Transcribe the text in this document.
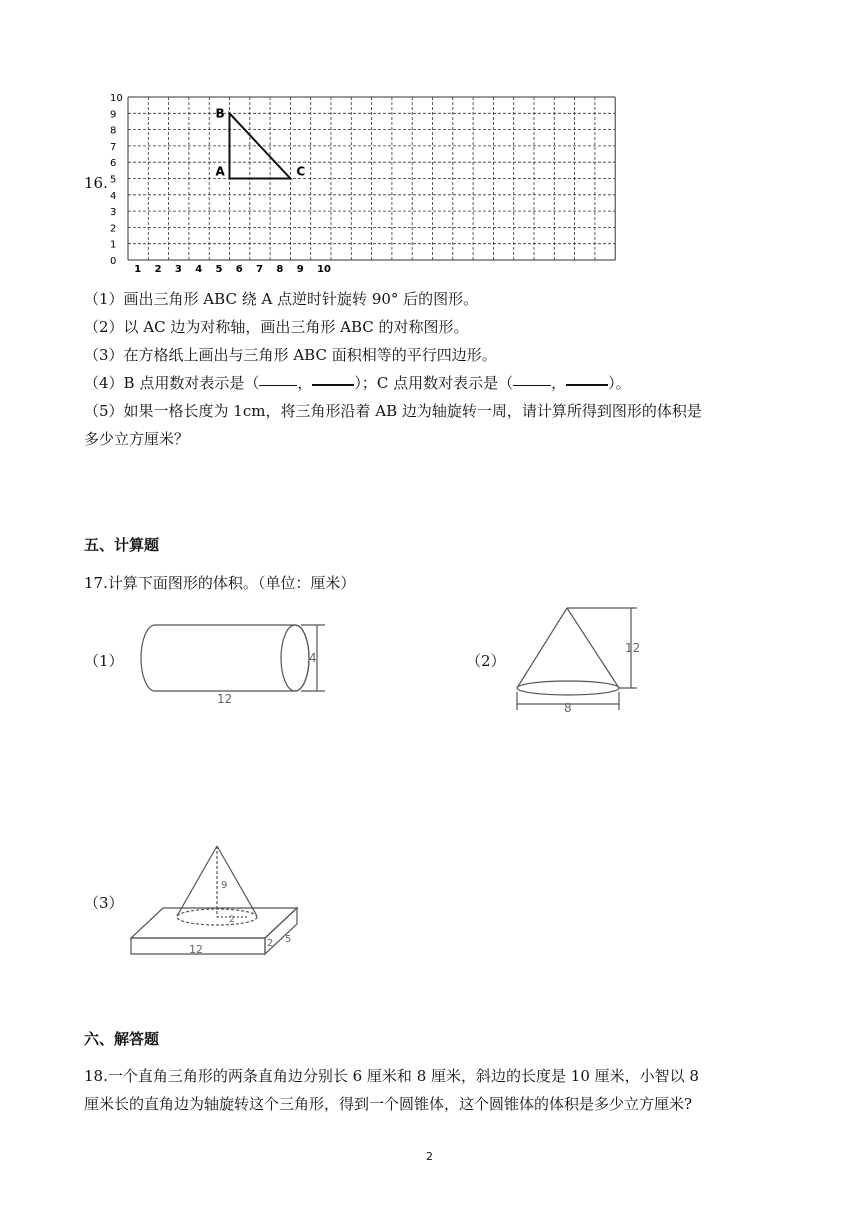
16.
0
1
2
3
4
5
6
7
8
9
10
1 2 3 4 5 6 7 8 9 10
A
B
C
（1）画出三角形 ABC 绕 A 点逆时针旋转 90° 后的图形。
（2）以 AC 边为对称轴，画出三角形 ABC 的对称图形。
（3）在方格纸上画出与三角形 ABC 面积相等的平行四边形。
（4）B 点用数对表示是（	，	）；C 点用数对表示是（	，	）。
（5）如果一格长度为 1cm，将三角形沿着 AB 边为轴旋转一周，请计算所得到图形的体积是
多少立方厘米？
五、计算题
17.计算下面图形的体积。（单位：厘米）
（1）	4
12
（2）
12
8
（3）
9
2
12	2 5
六、解答题
18.一个直角三角形的两条直角边分别长 6 厘米和 8 厘米，斜边的长度是 10 厘米，小智以 8
厘米长的直角边为轴旋转这个三角形，得到一个圆锥体，这个圆锥体的体积是多少立方厘米?
2
